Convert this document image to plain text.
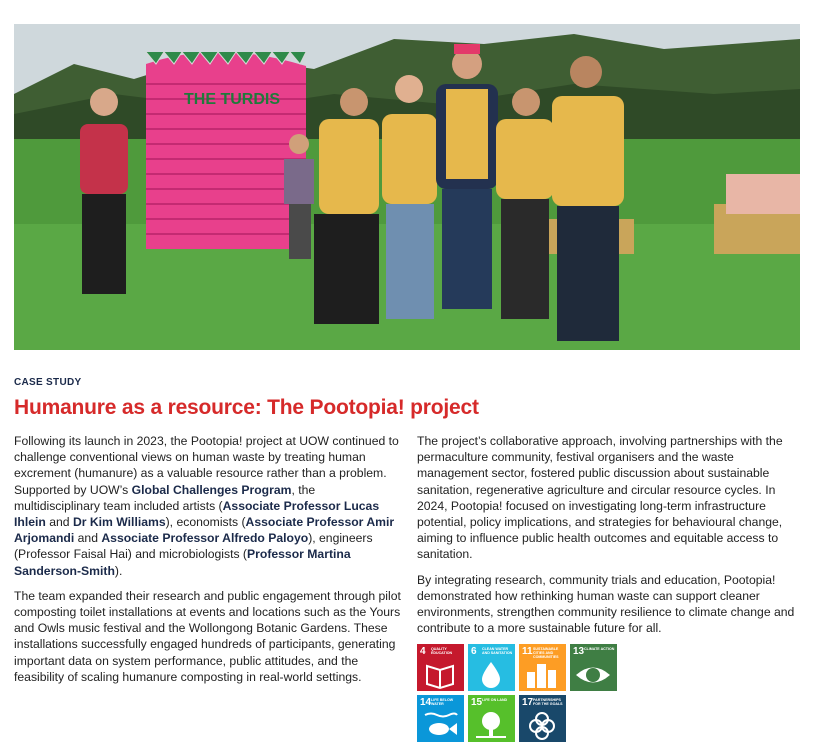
THE TURDIS
CASE STUDY
Humanure as a resource: The Pootopia! project

Following its launch in 2023, the Pootopia! project at UOW continued to challenge conventional views on human waste by treating human excrement (humanure) as a valuable resource rather than a problem. Supported by UOW’s Global Challenges Program, the multidisciplinary team included artists (Associate Professor Lucas Ihlein and Dr Kim Williams), economists (Associate Professor Amir Arjomandi and Associate Professor Alfredo Paloyo), engineers (Professor Faisal Hai) and microbiologists (Professor Martina Sanderson-Smith).

The team expanded their research and public engagement through pilot composting toilet installations at events and locations such as the Yours and Owls music festival and the Wollongong Botanic Gardens. These installations successfully engaged hundreds of participants, generating important data on system performance, public attitudes, and the feasibility of scaling humanure composting in real-world settings.

The project’s collaborative approach, involving partnerships with the permaculture community, festival organisers and the waste management sector, fostered public discussion about sustainable sanitation, regenerative agriculture and circular resource cycles. In 2024, Pootopia! focused on investigating long-term infrastructure potential, policy implications, and strategies for behavioural change, aiming to influence public health outcomes and equitable access to sanitation.

By integrating research, community trials and education, Pootopia! demonstrated how rethinking human waste can support cleaner environments, strengthen community resilience to climate change and contribute to a more sustainable future for all.

4 QUALITY EDUCATION	6 CLEAN WATER AND SANITATION 11 SUSTAINABLE CITIES AND COMMUNITIES	13 CLIMATE ACTION
14 LIFE BELOW WATER	15 LIFE ON LAND	17 PARTNERSHIPS FOR THE GOALS
